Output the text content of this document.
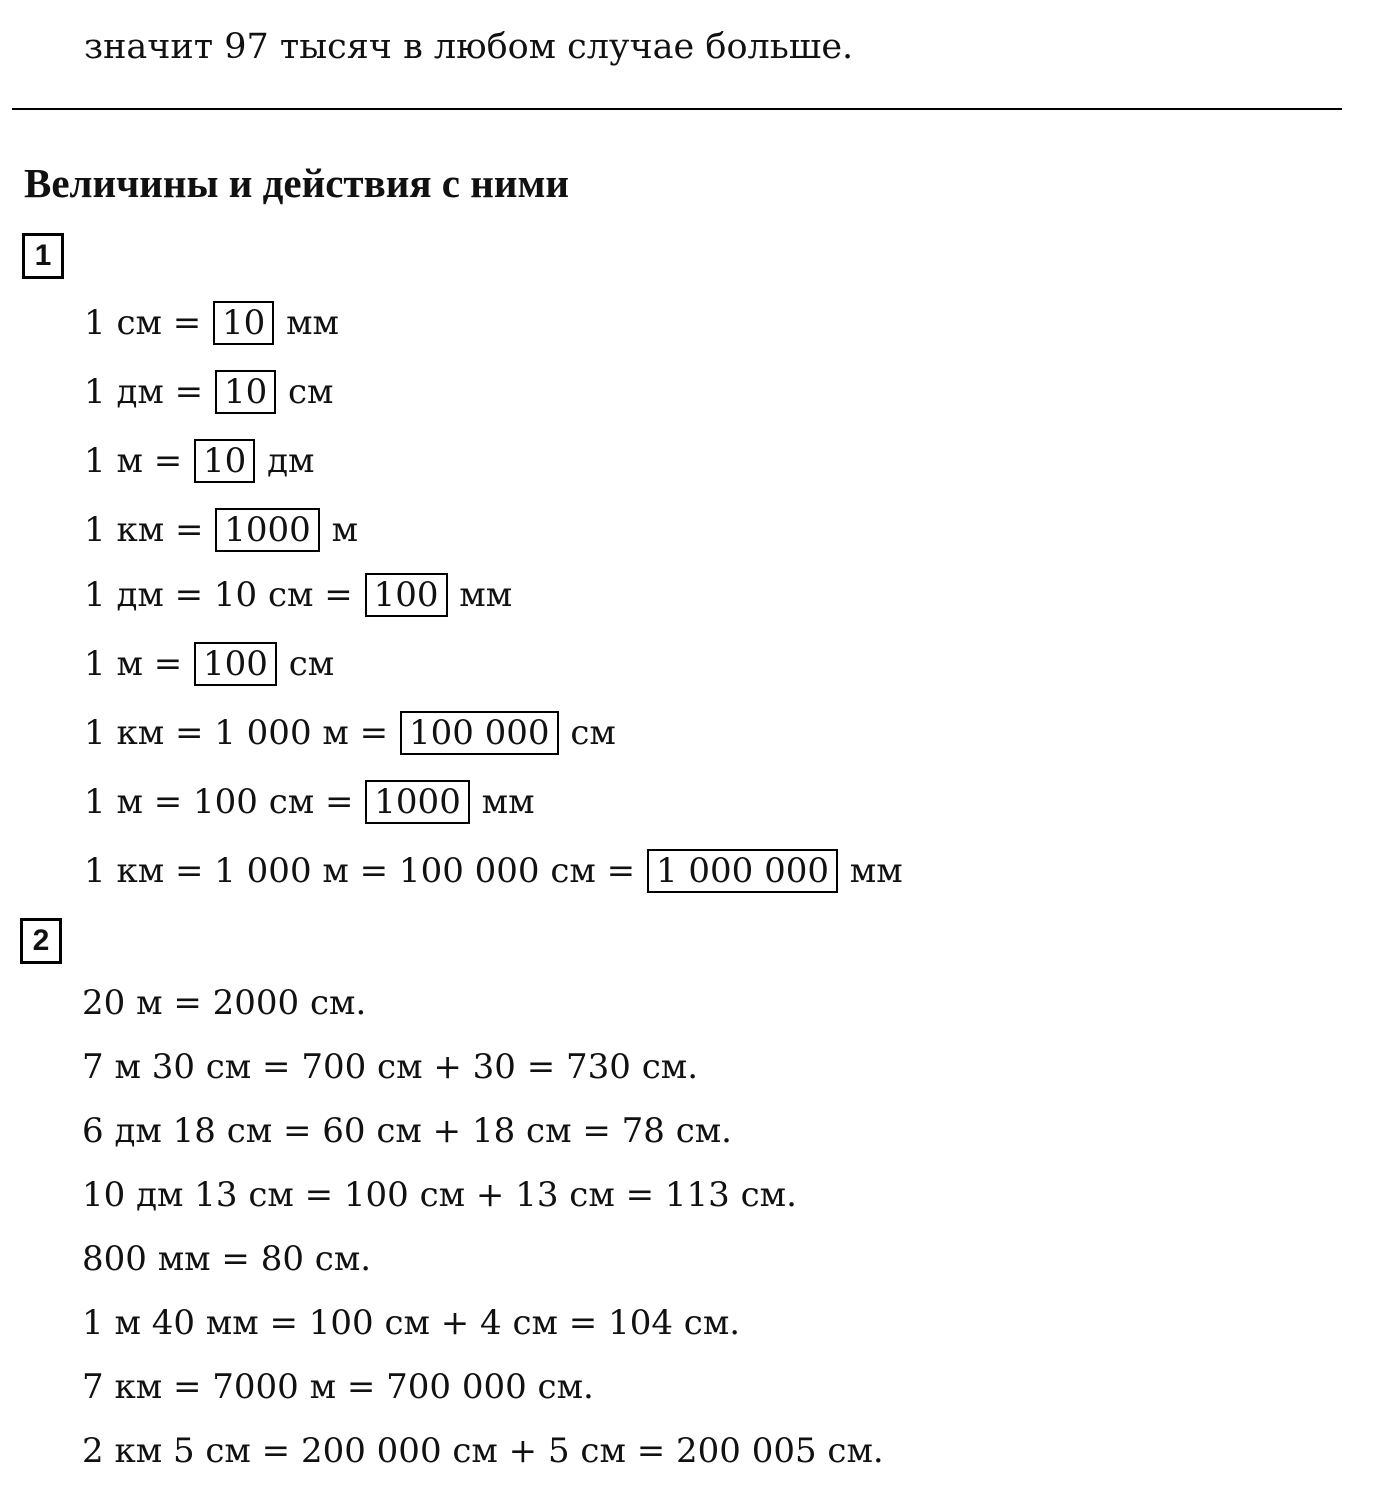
значит 97 тысяч в любом случае больше.
Величины и действия с ними
1
1 см = 10 мм
1 дм = 10 см
1 м = 10 дм
1 км = 1000 м
1 дм = 10 см = 100 мм
1 м = 100 см
1 км = 1 000 м = 100 000 см
1 м = 100 см = 1000 мм
1 км = 1 000 м = 100 000 см = 1 000 000 мм
2
20 м = 2000 см.
7 м 30 см = 700 см + 30 = 730 см.
6 дм 18 см = 60 см + 18 см = 78 см.
10 дм 13 см = 100 см + 13 см = 113 см.
800 мм = 80 см.
1 м 40 мм = 100 см + 4 см = 104 см.
7 км = 7000 м = 700 000 см.
2 км 5 см = 200 000 см + 5 см = 200 005 см.
